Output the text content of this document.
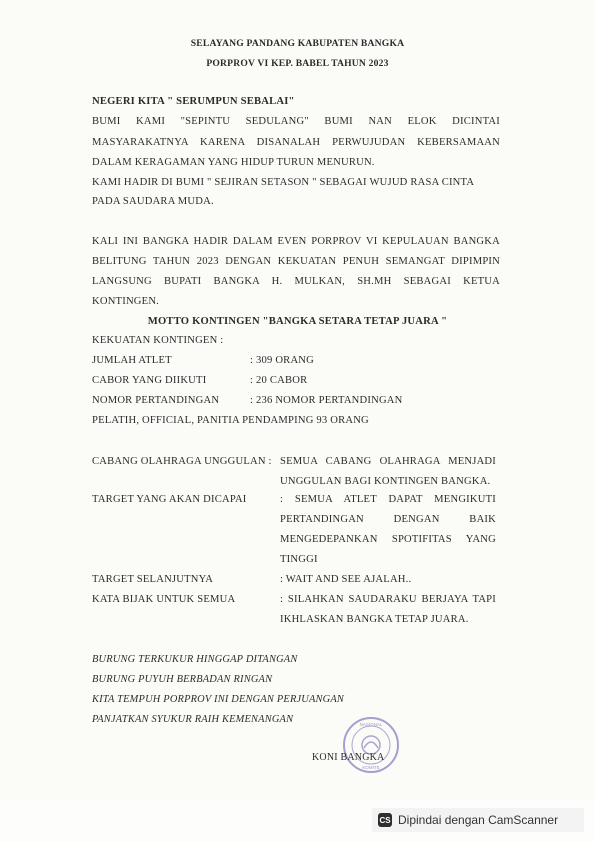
SELAYANG PANDANG KABUPATEN BANGKA
PORPROV VI KEP. BABEL TAHUN 2023
NEGERI KITA " SERUMPUN SEBALAI"
BUMI KAMI "SEPINTU SEDULANG" BUMI NAN ELOK DICINTAI
MASYARAKATNYA KARENA DISANALAH PERWUJUDAN KEBERSAMAAN
DALAM KERAGAMAN YANG HIDUP TURUN MENURUN.
KAMI HADIR DI BUMI " SEJIRAN SETASON " SEBAGAI WUJUD RASA CINTA
PADA SAUDARA MUDA.
KALI INI BANGKA HADIR DALAM EVEN PORPROV VI KEPULAUAN BANGKA
BELITUNG TAHUN 2023 DENGAN KEKUATAN PENUH SEMANGAT DIPIMPIN
LANGSUNG BUPATI BANGKA H. MULKAN, SH.MH SEBAGAI KETUA
KONTINGEN.
MOTTO KONTINGEN "BANGKA SETARA TETAP JUARA "
KEKUATAN KONTINGEN :
JUMLAH ATLET	: 309 ORANG
CABOR YANG DIIKUTI	: 20 CABOR
NOMOR PERTANDINGAN	: 236 NOMOR PERTANDINGAN
PELATIH, OFFICIAL, PANITIA PENDAMPING 93 ORANG
CABANG OLAHRAGA UNGGULAN : SEMUA CABANG OLAHRAGA MENJADI
UNGGULAN BAGI KONTINGEN BANGKA.
TARGET YANG AKAN DICAPAI	: SEMUA ATLET DAPAT MENGIKUTI
PERTANDINGAN DENGAN BAIK
MENGEDEPANKAN SPOTIFITAS YANG
TINGGI
TARGET SELANJUTNYA	: WAIT AND SEE AJALAH..
KATA BIJAK UNTUK SEMUA	: SILAHKAN SAUDARAKU BERJAYA TAPI
IKHLASKAN BANGKA TETAP JUARA.
BURUNG TERKUKUR HINGGAP DITANGAN
BURUNG PUYUH BERBADAN RINGAN
KITA TEMPUH PORPROV INI DENGAN PERJUANGAN
PANJATKAN SYUKUR RAIH KEMENANGAN	NASIONAL
KOMITE
KONI BANGKA
CS Dipindai dengan CamScanner
